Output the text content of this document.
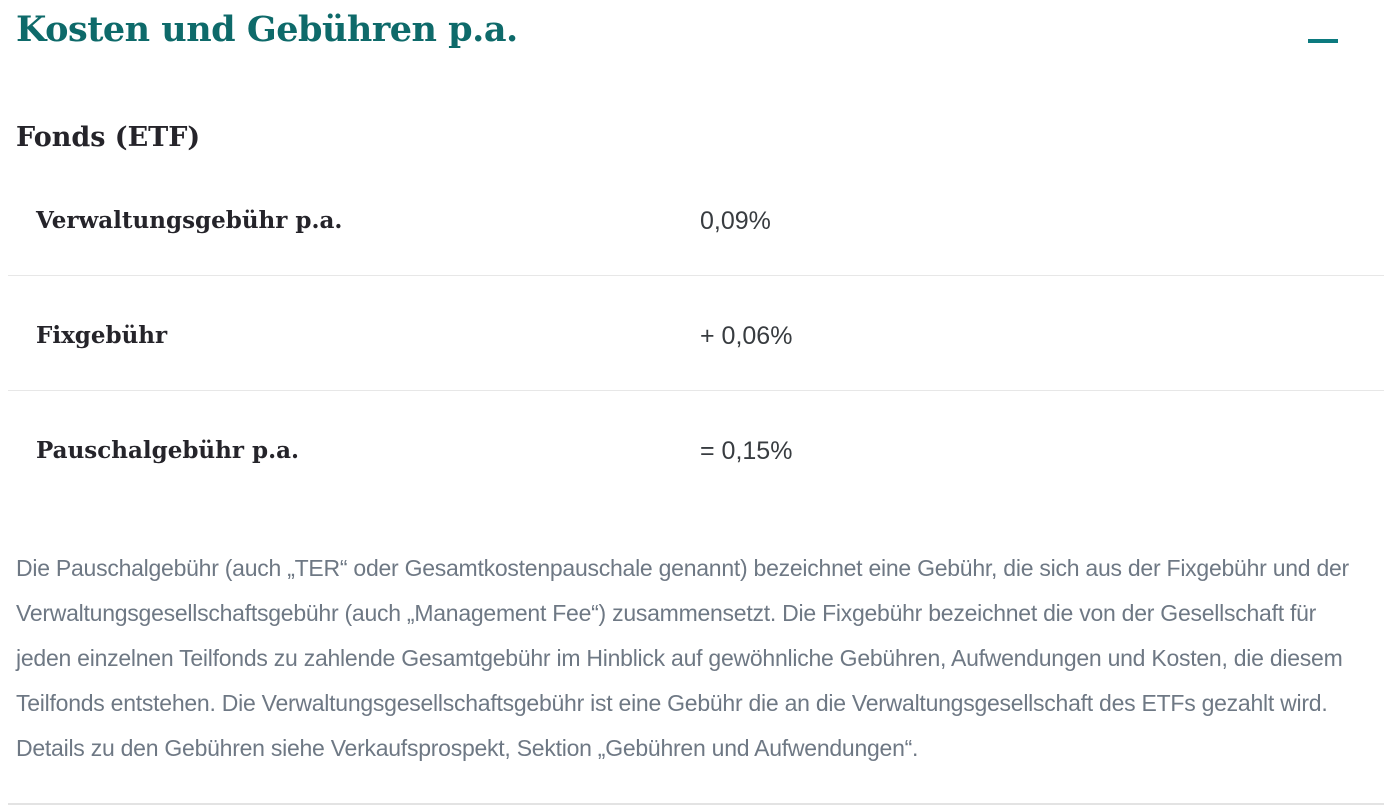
Kosten und Gebühren p.a.
Fonds (ETF)
Verwaltungsgebühr p.a.	0,09%
Fixgebühr	+ 0,06%
Pauschalgebühr p.a.	= 0,15%

Die Pauschalgebühr (auch „TER“ oder Gesamtkostenpauschale genannt) bezeichnet eine Gebühr, die sich aus der Fixgebühr und der Verwaltungsgesellschaftsgebühr (auch „Management Fee“) zusammensetzt. Die Fixgebühr bezeichnet die von der Gesellschaft für jeden einzelnen Teilfonds zu zahlende Gesamtgebühr im Hinblick auf gewöhnliche Gebühren, Aufwendungen und Kosten, die diesem Teilfonds entstehen. Die Verwaltungsgesellschaftsgebühr ist eine Gebühr die an die Verwaltungsgesellschaft des ETFs gezahlt wird. Details zu den Gebühren siehe Verkaufsprospekt, Sektion „Gebühren und Aufwendungen“.
